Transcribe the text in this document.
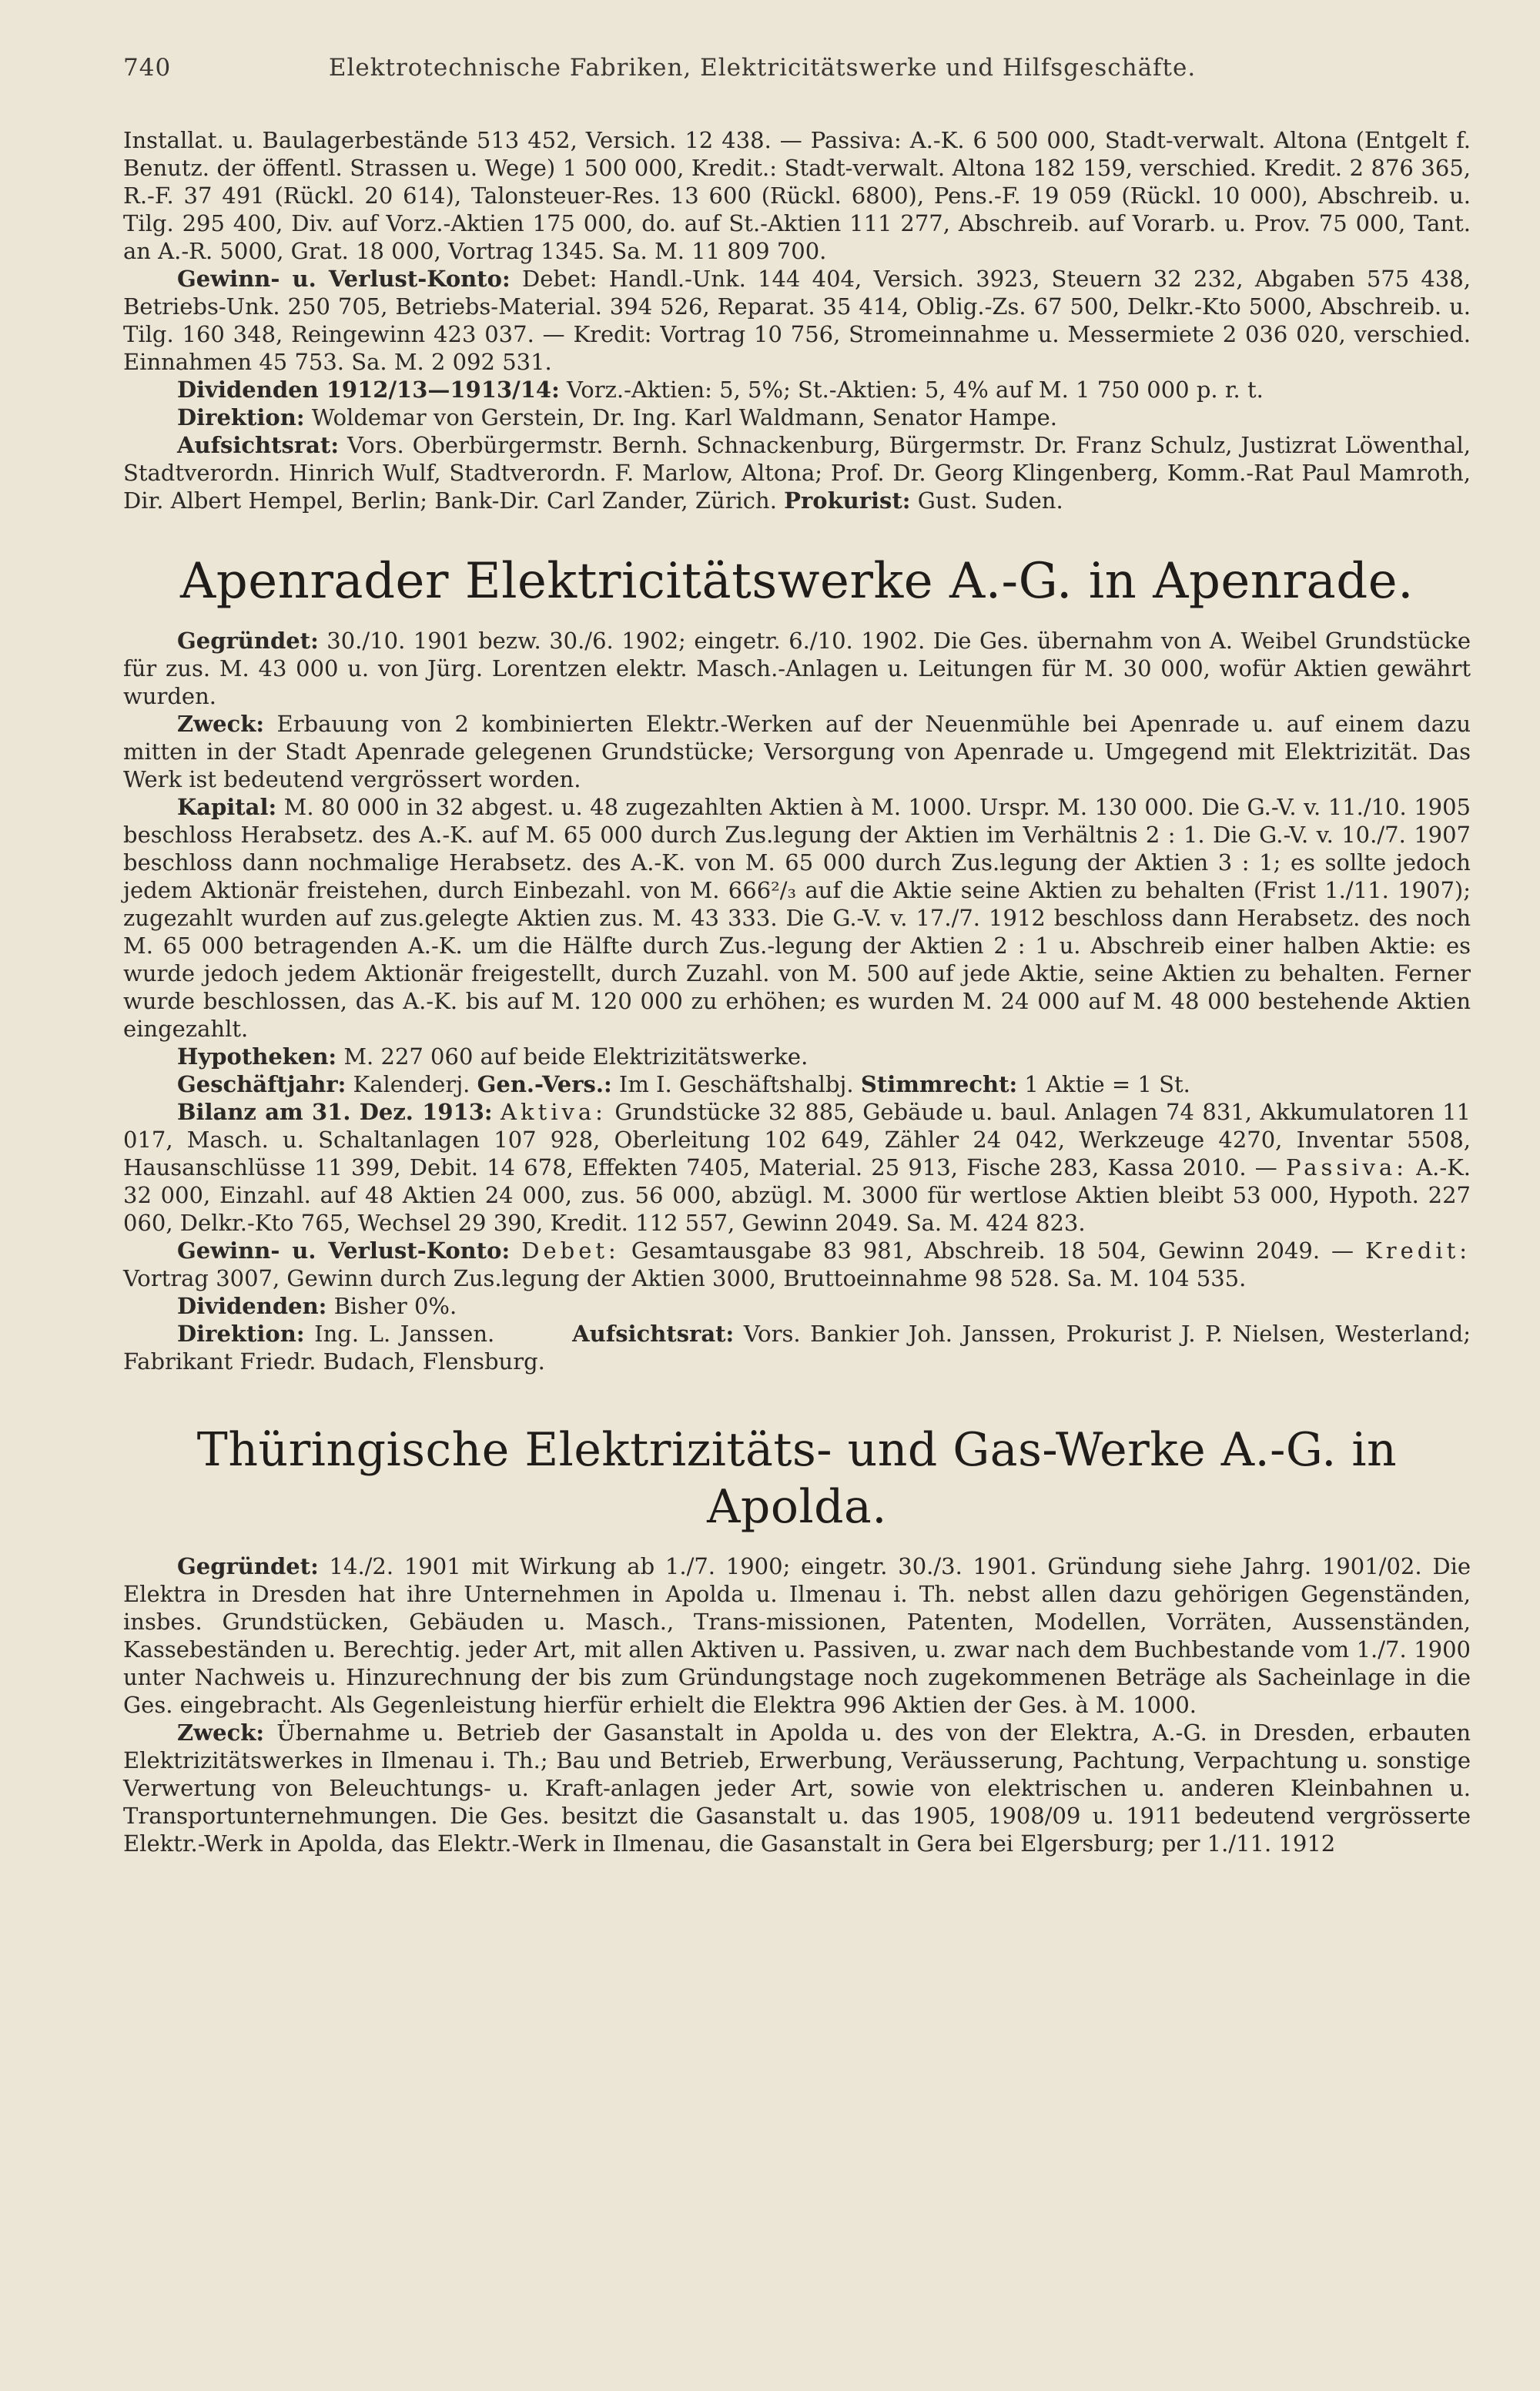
740	Elektrotechnische Fabriken, Elektricitätswerke und Hilfsgeschäfte.

Installat. u. Baulagerbestände 513 452, Versich. 12 438. — Passiva: A.-K. 6 500 000, Stadt-verwalt. Altona (Entgelt f. Benutz. der öffentl. Strassen u. Wege) 1 500 000, Kredit.: Stadt-verwalt. Altona 182 159, verschied. Kredit. 2 876 365, R.-F. 37 491 (Rückl. 20 614), Talonsteuer-Res. 13 600 (Rückl. 6800), Pens.-F. 19 059 (Rückl. 10 000), Abschreib. u. Tilg. 295 400, Div. auf Vorz.-Aktien 175 000, do. auf St.-Aktien 111 277, Abschreib. auf Vorarb. u. Prov. 75 000, Tant. an A.-R. 5000, Grat. 18 000, Vortrag 1345. Sa. M. 11 809 700.

Gewinn- u. Verlust-Konto: Debet: Handl.-Unk. 144 404, Versich. 3923, Steuern 32 232, Abgaben 575 438, Betriebs-Unk. 250 705, Betriebs-Material. 394 526, Reparat. 35 414, Oblig.-Zs. 67 500, Delkr.-Kto 5000, Abschreib. u. Tilg. 160 348, Reingewinn 423 037. — Kredit: Vortrag 10 756, Stromeinnahme u. Messermiete 2 036 020, verschied. Einnahmen 45 753. Sa. M. 2 092 531.

Dividenden 1912/13—1913/14: Vorz.-Aktien: 5, 5%; St.-Aktien: 5, 4% auf M. 1 750 000 p. r. t.

Direktion: Woldemar von Gerstein, Dr. Ing. Karl Waldmann, Senator Hampe.

Aufsichtsrat: Vors. Oberbürgermstr. Bernh. Schnackenburg, Bürgermstr. Dr. Franz Schulz, Justizrat Löwenthal, Stadtverordn. Hinrich Wulf, Stadtverordn. F. Marlow, Altona; Prof. Dr. Georg Klingenberg, Komm.-Rat Paul Mamroth, Dir. Albert Hempel, Berlin; Bank-Dir. Carl Zander, Zürich. Prokurist: Gust. Suden.

Apenrader Elektricitätswerke A.-G. in Apenrade.

Gegründet: 30./10. 1901 bezw. 30./6. 1902; eingetr. 6./10. 1902. Die Ges. übernahm von A. Weibel Grundstücke für zus. M. 43 000 u. von Jürg. Lorentzen elektr. Masch.-Anlagen u. Leitungen für M. 30 000, wofür Aktien gewährt wurden.

Zweck: Erbauung von 2 kombinierten Elektr.-Werken auf der Neuenmühle bei Apenrade u. auf einem dazu mitten in der Stadt Apenrade gelegenen Grundstücke; Versorgung von Apenrade u. Umgegend mit Elektrizität. Das Werk ist bedeutend vergrössert worden.

Kapital: M. 80 000 in 32 abgest. u. 48 zugezahlten Aktien à M. 1000. Urspr. M. 130 000. Die G.-V. v. 11./10. 1905 beschloss Herabsetz. des A.-K. auf M. 65 000 durch Zus.legung der Aktien im Verhältnis 2 : 1. Die G.-V. v. 10./7. 1907 beschloss dann nochmalige Herabsetz. des A.-K. von M. 65 000 durch Zus.legung der Aktien 3 : 1; es sollte jedoch jedem Aktionär freistehen, durch Einbezahl. von M. 666²/₃ auf die Aktie seine Aktien zu behalten (Frist 1./11. 1907); zugezahlt wurden auf zus.gelegte Aktien zus. M. 43 333. Die G.-V. v. 17./7. 1912 beschloss dann Herabsetz. des noch M. 65 000 betragenden A.-K. um die Hälfte durch Zus.-legung der Aktien 2 : 1 u. Abschreib einer halben Aktie: es wurde jedoch jedem Aktionär freigestellt, durch Zuzahl. von M. 500 auf jede Aktie, seine Aktien zu behalten. Ferner wurde beschlossen, das A.-K. bis auf M. 120 000 zu erhöhen; es wurden M. 24 000 auf M. 48 000 bestehende Aktien eingezahlt.

Hypotheken: M. 227 060 auf beide Elektrizitätswerke.

Geschäftjahr: Kalenderj. Gen.-Vers.: Im I. Geschäftshalbj. Stimmrecht: 1 Aktie = 1 St.

Bilanz am 31. Dez. 1913: Aktiva: Grundstücke 32 885, Gebäude u. baul. Anlagen 74 831, Akkumulatoren 11 017, Masch. u. Schaltanlagen 107 928, Oberleitung 102 649, Zähler 24 042, Werkzeuge 4270, Inventar 5508, Hausanschlüsse 11 399, Debit. 14 678, Effekten 7405, Material. 25 913, Fische 283, Kassa 2010. — Passiva: A.-K. 32 000, Einzahl. auf 48 Aktien 24 000, zus. 56 000, abzügl. M. 3000 für wertlose Aktien bleibt 53 000, Hypoth. 227 060, Delkr.-Kto 765, Wechsel 29 390, Kredit. 112 557, Gewinn 2049. Sa. M. 424 823.

Gewinn- u. Verlust-Konto: Debet: Gesamtausgabe 83 981, Abschreib. 18 504, Gewinn 2049. — Kredit: Vortrag 3007, Gewinn durch Zus.legung der Aktien 3000, Bruttoeinnahme 98 528. Sa. M. 104 535.

Dividenden: Bisher 0%.

Direktion: Ing. L. Janssen.	Aufsichtsrat: Vors. Bankier Joh. Janssen, Prokurist J. P. Nielsen, Westerland; Fabrikant Friedr. Budach, Flensburg.

Thüringische Elektrizitäts- und Gas-Werke A.-G. in Apolda.

Gegründet: 14./2. 1901 mit Wirkung ab 1./7. 1900; eingetr. 30./3. 1901. Gründung siehe Jahrg. 1901/02. Die Elektra in Dresden hat ihre Unternehmen in Apolda u. Ilmenau i. Th. nebst allen dazu gehörigen Gegenständen, insbes. Grundstücken, Gebäuden u. Masch., Trans-missionen, Patenten, Modellen, Vorräten, Aussenständen, Kassebeständen u. Berechtig. jeder Art, mit allen Aktiven u. Passiven, u. zwar nach dem Buchbestande vom 1./7. 1900 unter Nachweis u. Hinzurechnung der bis zum Gründungstage noch zugekommenen Beträge als Sacheinlage in die Ges. eingebracht. Als Gegenleistung hierfür erhielt die Elektra 996 Aktien der Ges. à M. 1000.

Zweck: Übernahme u. Betrieb der Gasanstalt in Apolda u. des von der Elektra, A.-G. in Dresden, erbauten Elektrizitätswerkes in Ilmenau i. Th.; Bau und Betrieb, Erwerbung, Veräusserung, Pachtung, Verpachtung u. sonstige Verwertung von Beleuchtungs- u. Kraft-anlagen jeder Art, sowie von elektrischen u. anderen Kleinbahnen u. Transportunternehmungen. Die Ges. besitzt die Gasanstalt u. das 1905, 1908/09 u. 1911 bedeutend vergrösserte Elektr.-Werk in Apolda, das Elektr.-Werk in Ilmenau, die Gasanstalt in Gera bei Elgersburg; per 1./11. 1912
